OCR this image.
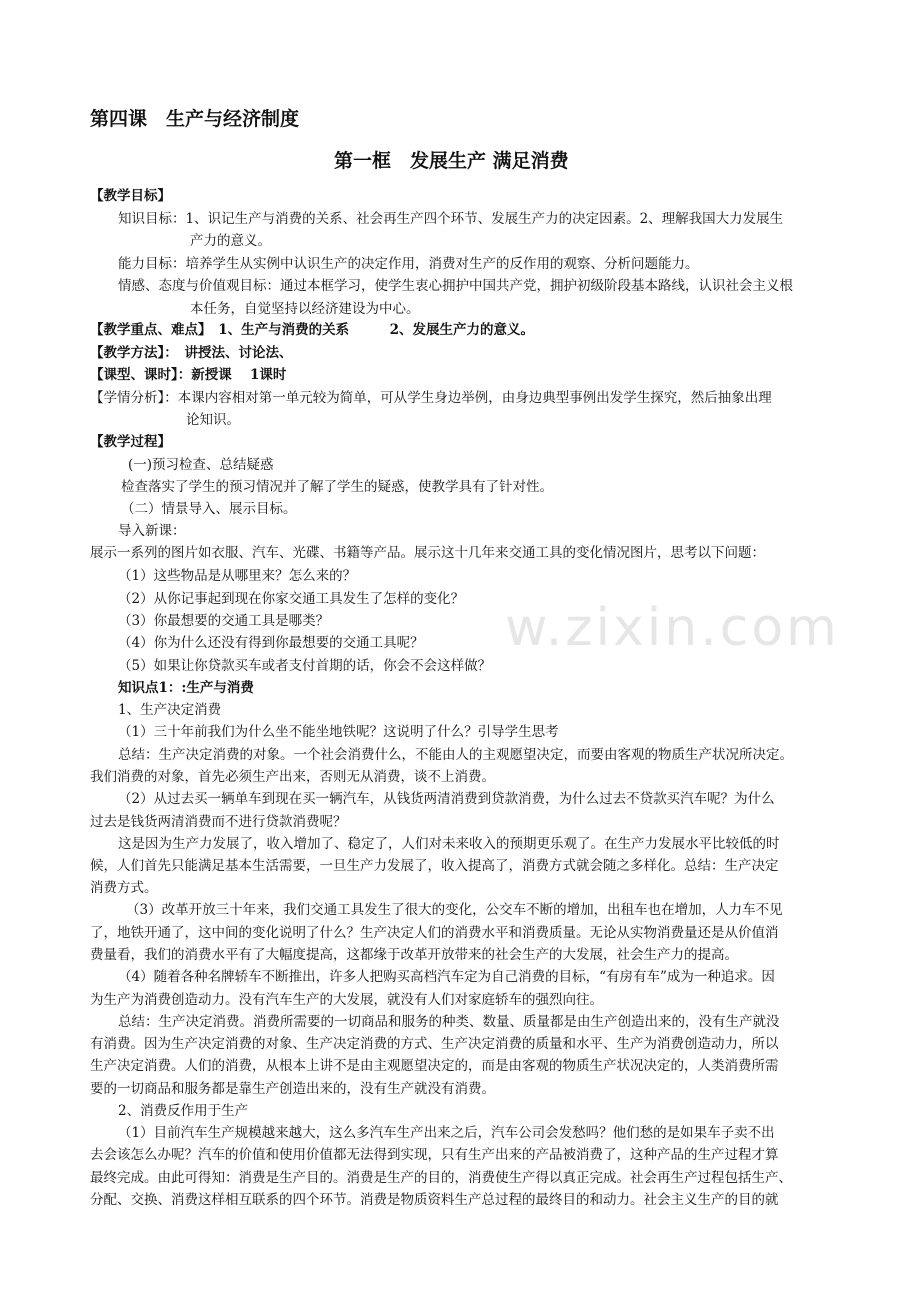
第四课　生产与经济制度
第一框　发展生产 满足消费
w.zixin.com
【教学目标】
知识目标：1、识记生产与消费的关系、社会再生产四个环节、发展生产力的决定因素。2、理解我国大力发展生
产力的意义。
能力目标：培养学生从实例中认识生产的决定作用，消费对生产的反作用的观察、分析问题能力。
情感、态度与价值观目标：通过本框学习，使学生衷心拥护中国共产党，拥护初级阶段基本路线，认识社会主义根
本任务，自觉坚持以经济建设为中心。
【教学重点、难点】　1、生产与消费的关系　　　2、发展生产力的意义。
【教学方法】：　讲授法、讨论法、
【课型、课时】：新授课　 1课时
【学情分析】：本课内容相对第一单元较为简单，可从学生身边举例，由身边典型事例出发学生探究，然后抽象出理
论知识。
【教学过程】
(一)预习检查、总结疑惑
检查落实了学生的预习情况并了解了学生的疑惑，使教学具有了针对性。
（二）情景导入、展示目标。
导入新课：
展示一系列的图片如衣服、汽车、光碟、书籍等产品。展示这十几年来交通工具的变化情况图片，思考以下问题：
（1）这些物品是从哪里来？怎么来的？
（2）从你记事起到现在你家交通工具发生了怎样的变化？
（3）你最想要的交通工具是哪类？
（4）你为什么还没有得到你最想要的交通工具呢？
（5）如果让你贷款买车或者支付首期的话，你会不会这样做？
知识点1：:生产与消费
1、生产决定消费
（1）三十年前我们为什么坐不能坐地铁呢？这说明了什么？引导学生思考
总结：生产决定消费的对象。一个社会消费什么，不能由人的主观愿望决定，而要由客观的物质生产状况所决定。
我们消费的对象，首先必须生产出来，否则无从消费，谈不上消费。
（2）从过去买一辆单车到现在买一辆汽车，从钱货两清消费到贷款消费，为什么过去不贷款买汽车呢？为什么
过去是钱货两清消费而不进行贷款消费呢？
这是因为生产力发展了，收入增加了、稳定了，人们对未来收入的预期更乐观了。在生产力发展水平比较低的时
候，人们首先只能满足基本生活需要，一旦生产力发展了，收入提高了，消费方式就会随之多样化。总结：生产决定
消费方式。
（3）改革开放三十年来，我们交通工具发生了很大的变化，公交车不断的增加，出租车也在增加，人力车不见
了，地铁开通了，这中间的变化说明了什么？生产决定人们的消费水平和消费质量。无论从实物消费量还是从价值消
费量看，我们的消费水平有了大幅度提高，这都缘于改革开放带来的社会生产的大发展，社会生产力的提高。
（4）随着各种名牌轿车不断推出，许多人把购买高档汽车定为自己消费的目标，“有房有车”成为一种追求。因
为生产为消费创造动力。没有汽车生产的大发展，就没有人们对家庭轿车的强烈向往。
总结：生产决定消费。消费所需要的一切商品和服务的种类、数量、质量都是由生产创造出来的，没有生产就没
有消费。因为生产决定消费的对象、生产决定消费的方式、生产决定消费的质量和水平、生产为消费创造动力，所以
生产决定消费。人们的消费，从根本上讲不是由主观愿望决定的，而是由客观的物质生产状况决定的，人类消费所需
要的一切商品和服务都是靠生产创造出来的，没有生产就没有消费。
2、消费反作用于生产
（1）目前汽车生产规模越来越大，这么多汽车生产出来之后，汽车公司会发愁吗？他们愁的是如果车子卖不出
去会该怎么办呢？汽车的价值和使用价值都无法得到实现，只有生产出来的产品被消费了，这种产品的生产过程才算
最终完成。由此可得知：消费是生产目的。消费是生产的目的，消费使生产得以真正完成。社会再生产过程包括生产、
分配、交换、消费这样相互联系的四个环节。消费是物质资料生产总过程的最终目的和动力。社会主义生产的目的就
